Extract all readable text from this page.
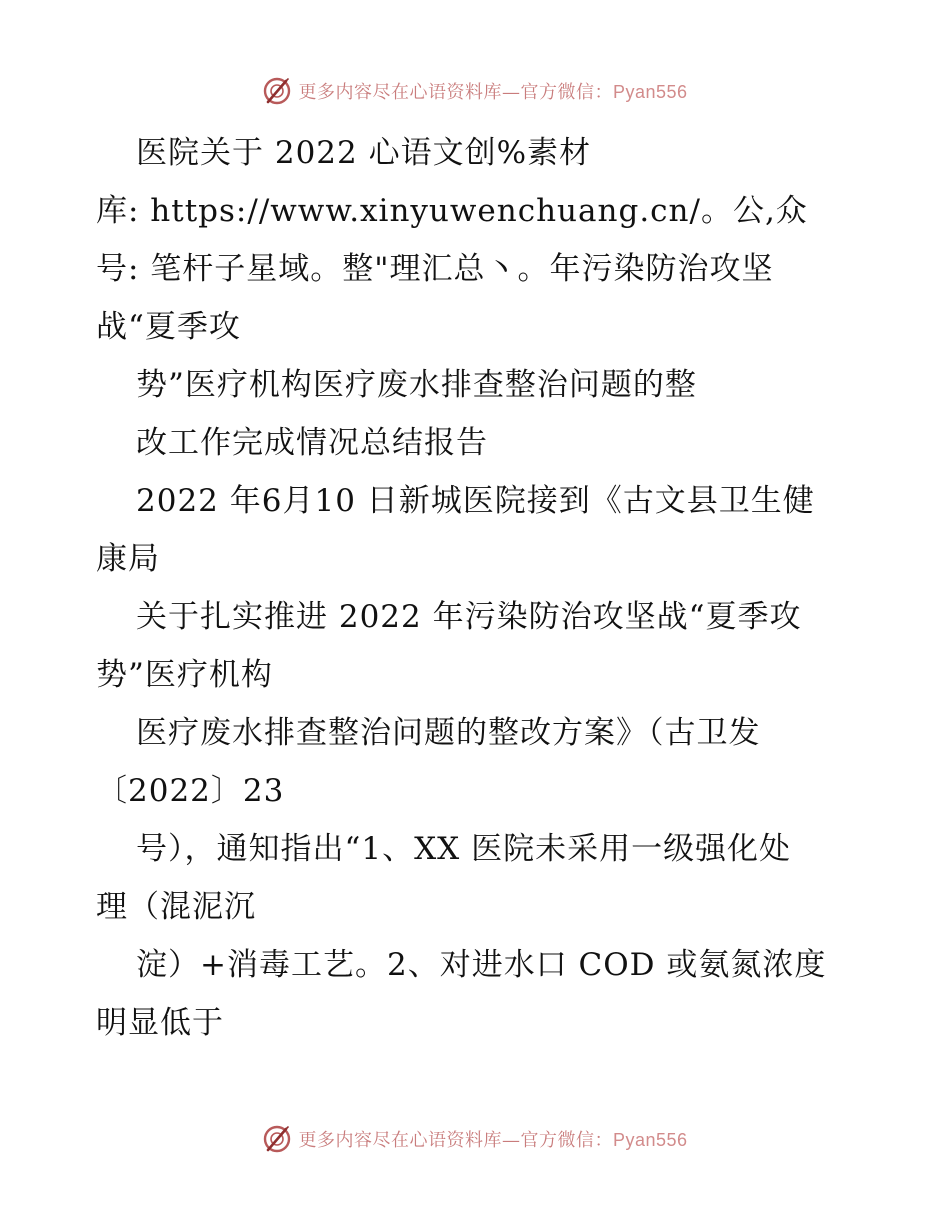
更多内容尽在心语资料库—官方微信：Pyan556
医院关于 2022 心语文创%素材
库: https://www.xinyuwenchuang.cn/。公,众
号: 笔杆子星域。整"理汇总丶。年污染防治攻坚
战“夏季攻
势”医疗机构医疗废水排查整治问题的整
改工作完成情况总结报告
2022 年6月10 日新城医院接到《古文县卫生健
康局
关于扎实推进 2022 年污染防治攻坚战“夏季攻
势”医疗机构
医疗废水排查整治问题的整改方案》（古卫发
〔2022〕23
号），通知指出“1、XX 医院未采用一级强化处
理（混泥沉
淀）+消毒工艺。2、对进水口 COD 或氨氮浓度
明显低于
更多内容尽在心语资料库—官方微信：Pyan556
